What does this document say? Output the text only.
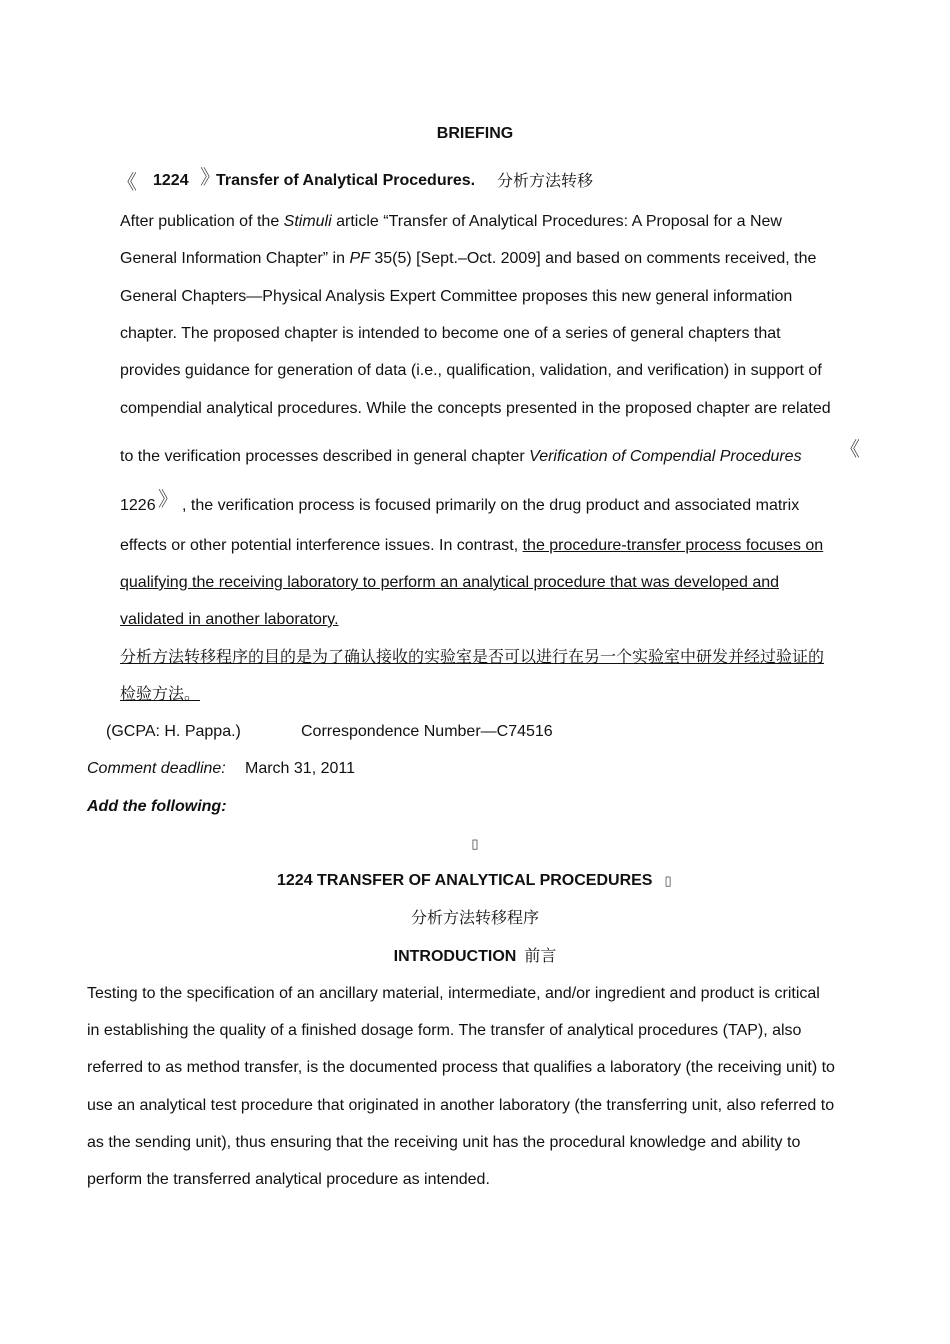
BRIEFING
《 1224 》
Transfer of Analytical Procedures. 分析方法转移
After publication of the Stimuli article “Transfer of Analytical Procedures: A Proposal for a New
General Information Chapter” in PF 35(5) [Sept.–Oct. 2009] and based on comments received, the
General Chapters—Physical Analysis Expert Committee proposes this new general information
chapter. The proposed chapter is intended to become one of a series of general chapters that
provides guidance for generation of data (i.e., qualification, validation, and verification) in support of
compendial analytical procedures. While the concepts presented in the proposed chapter are related
to the verification processes described in general chapter Verification of Compendial Procedures 《
1226 》 , the verification process is focused primarily on the drug product and associated matrix
effects or other potential interference issues. In contrast, the procedure-transfer process focuses on
qualifying the receiving laboratory to perform an analytical procedure that was developed and
validated in another laboratory.
分析方法转移程序的目的是为了确认接收的实验室是否可以进行在另一个实验室中研发并经过验证的
检验方法。
(GCPA: H. Pappa.)	Correspondence Number—C74516
Comment deadline: March 31, 2011
Add the following:
▯
1224 TRANSFER OF ANALYTICAL PROCEDURES ▯
分析方法转移程序
INTRODUCTION 前言
Testing to the specification of an ancillary material, intermediate, and/or ingredient and product is critical
in establishing the quality of a finished dosage form. The transfer of analytical procedures (TAP), also
referred to as method transfer, is the documented process that qualifies a laboratory (the receiving unit) to
use an analytical test procedure that originated in another laboratory (the transferring unit, also referred to
as the sending unit), thus ensuring that the receiving unit has the procedural knowledge and ability to
perform the transferred analytical procedure as intended.
